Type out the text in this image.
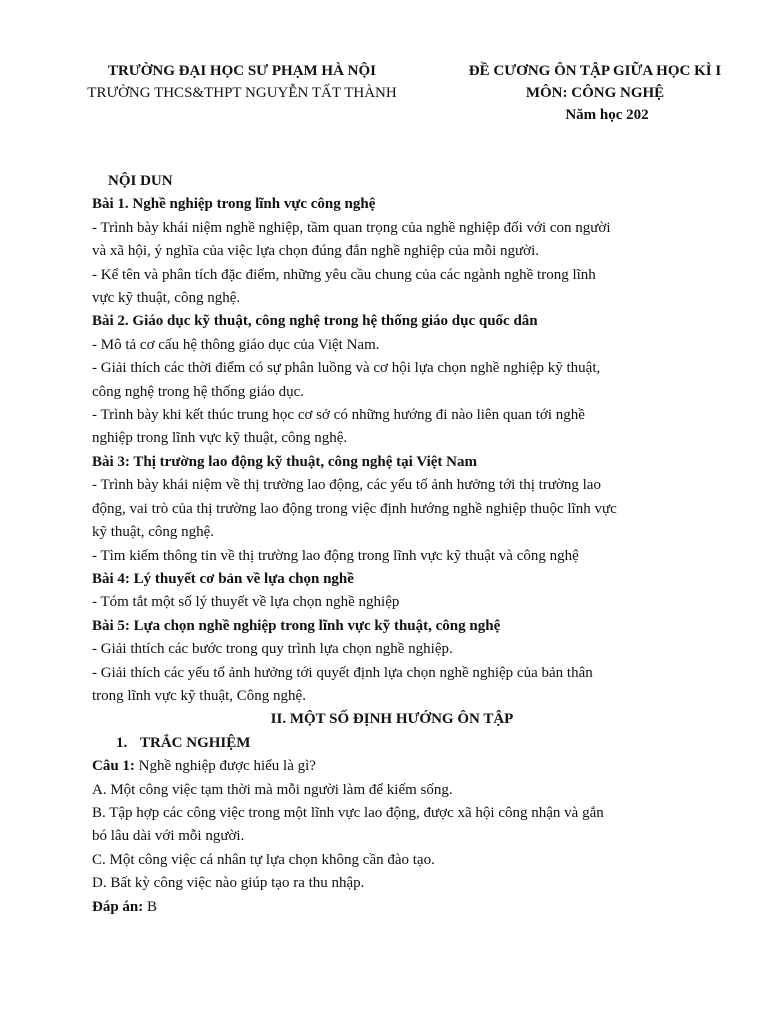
TRƯỜNG ĐẠI HỌC SƯ PHẠM HÀ NỘI
TRƯỜNG THCS&THPT NGUYỄN TẤT THÀNH
ĐỀ CƯƠNG ÔN TẬP GIỮA HỌC KÌ I
MÔN: CÔNG NGHỆ
Năm học 202
NỘI DUN
Bài 1. Nghề nghiệp trong lĩnh vực công nghệ
- Trình bày khái niệm nghề nghiệp, tầm quan trọng của nghề nghiệp đối với con người
và xã hội, ý nghĩa của việc lựa chọn đúng đắn nghề nghiệp của mỗi người.
- Kể tên và phân tích đặc điểm, những yêu cầu chung của các ngành nghề trong lĩnh
vực kỹ thuật, công nghệ.
Bài 2. Giáo dục kỹ thuật, công nghệ trong hệ thống giáo dục quốc dân
- Mô tả cơ cấu hệ thông giáo dục của Việt Nam.
- Giải thích các thời điểm có sự phân luồng và cơ hội lựa chọn nghề nghiệp kỹ thuật,
công nghệ trong hệ thống giáo dục.
- Trình bày khi kết thúc trung học cơ sở có những hướng đi nào liên quan tới nghề
nghiệp trong lĩnh vực kỹ thuật, công nghệ.
Bài 3: Thị trường lao động kỹ thuật, công nghệ tại Việt Nam
- Trình bày khái niệm về thị trường lao động, các yếu tố ảnh hưởng tới thị trường lao
động, vai trò của thị trường lao động trong việc định hướng nghề nghiệp thuộc lĩnh vực
kỹ thuật, công nghệ.
- Tìm kiếm thông tin về thị trường lao động trong lĩnh vực kỹ thuật và công nghệ
Bài 4: Lý thuyết cơ bản về lựa chọn nghề
- Tóm tắt một số lý thuyết về lựa chọn nghề nghiệp
Bài 5: Lựa chọn nghề nghiệp trong lĩnh vực kỹ thuật, công nghệ
- Giải thtích các bước trong quy trình lựa chọn nghề nghiệp.
- Giải thích các yếu tố ảnh hưởng tới quyết định lựa chọn nghề nghiệp của bản thân
trong lĩnh vực kỹ thuật, Công nghệ.
II. MỘT SỐ ĐỊNH HƯỚNG ÔN TẬP
1. TRẮC NGHIỆM
Câu 1: Nghề nghiệp được hiểu là gì?
A. Một công việc tạm thời mà mỗi người làm để kiếm sống.
B. Tập hợp các công việc trong một lĩnh vực lao động, được xã hội công nhận và gắn
bó lâu dài với mỗi người.
C. Một công việc cá nhân tự lựa chọn không cần đào tạo.
D. Bất kỳ công việc nào giúp tạo ra thu nhập.
Đáp án: B
